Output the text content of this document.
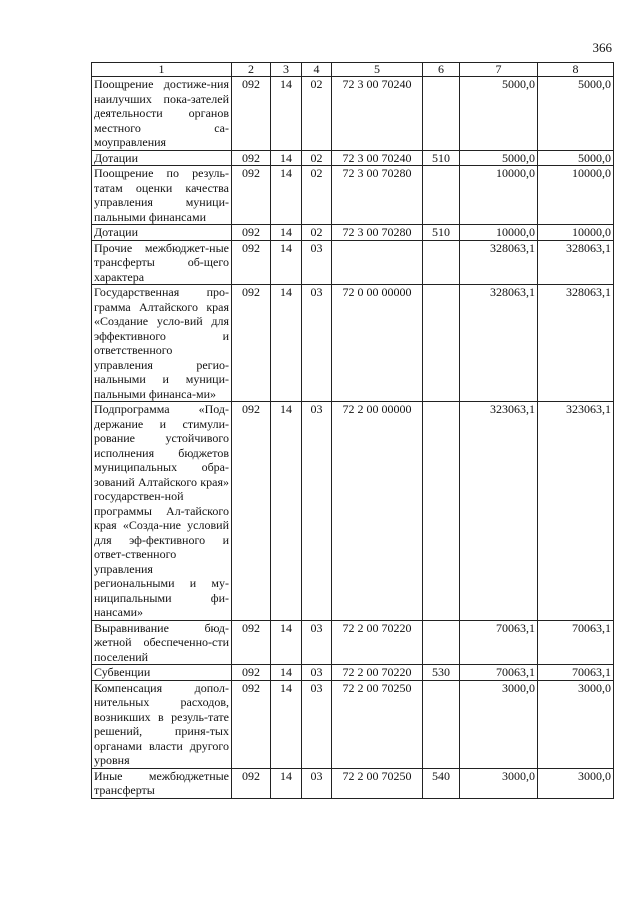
366
1	2	3	4	5	6	7	8
Поощрение достиже-ния наилучших пока-зателей деятельности органов местного са-моуправления	092	14	02	72 3 00 70240		5000,0	5000,0
Дотации	092	14	02	72 3 00 70240	510	5000,0	5000,0
Поощрение по резуль-татам оценки качества управления муници-пальными финансами	092	14	02	72 3 00 70280		10000,0	10000,0
Дотации	092	14	02	72 3 00 70280	510	10000,0	10000,0
Прочие межбюджет-ные трансферты об-щего характера	092	14	03			328063,1	328063,1
Государственная про-грамма Алтайского края «Создание усло-вий для эффективного и ответственного управления регио-нальными и муници-пальными финанса-ми»	092	14	03	72 0 00 00000		328063,1	328063,1
Подпрограмма «Под-держание и стимули-рование устойчивого исполнения бюджетов муниципальных обра-зований Алтайского края» государствен-ной программы Ал-тайского края «Созда-ние условий для эф-фективного и ответ-ственного управления региональными и му-ниципальными фи-нансами»	092	14	03	72 2 00 00000		323063,1	323063,1
Выравнивание бюд-жетной обеспеченно-сти поселений	092	14	03	72 2 00 70220		70063,1	70063,1
Субвенции	092	14	03	72 2 00 70220	530	70063,1	70063,1
Компенсация допол-нительных расходов, возникших в резуль-тате решений, приня-тых органами власти другого уровня	092	14	03	72 2 00 70250		3000,0	3000,0
Иные межбюджетные трансферты	092	14	03	72 2 00 70250	540	3000,0	3000,0
